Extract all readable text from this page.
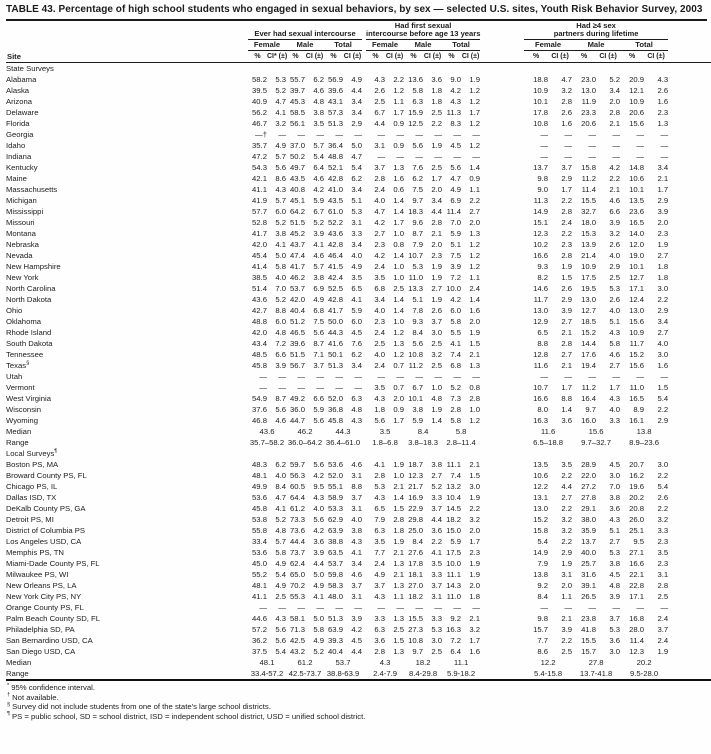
TABLE 43. Percentage of high school students who engaged in sexual behaviors, by sex — selected U.S. sites, Youth Risk Behavior Survey, 2003
	Ever had sexual intercourse							Had first sexual
intercourse before age 13 years							Had ≥4 sex
partners during lifetime						
	Female		Male		Total			Female		Male		Total			Female		Male		Total		
Site	%	CI* (±)	%	CI (±)	%	CI (±)		%	CI (±)	%	CI (±)	%	CI (±)		%	CI (±)	%	CI (±)	%	CI (±)	
State Surveys																					
Alabama	58.2	5.3	55.7	6.2	56.9	4.9		4.3	2.2	13.6	3.6	9.0	1.9		18.8	4.7	23.0	5.2	20.9	4.3	
Alaska	39.5	5.2	39.7	4.6	39.6	4.4		2.6	1.2	5.8	1.8	4.2	1.2		10.9	3.2	13.0	3.4	12.1	2.6	
Arizona	40.9	4.7	45.3	4.8	43.1	3.4		2.5	1.1	6.3	1.8	4.3	1.2		10.1	2.8	11.9	2.0	10.9	1.6	
Delaware	56.2	4.1	58.5	3.8	57.3	3.4		6.7	1.7	15.9	2.5	11.3	1.7		17.8	2.6	23.3	2.8	20.6	2.3	
Florida	46.7	3.2	56.1	3.5	51.3	2.9		4.4	0.9	12.5	2.2	8.3	1.2		10.8	1.6	20.6	2.1	15.6	1.3	
Georgia	—†	—	—	—	—	—		—	—	—	—	—	—		—	—	—	—	—	—	
Idaho	35.7	4.9	37.0	5.7	36.4	5.0		3.1	0.9	5.6	1.9	4.5	1.2		—	—	—	—	—	—	
Indiana	47.2	5.7	50.2	5.4	48.8	4.7		—	—	—	—	—	—		—	—	—	—	—	—	
Kentucky	54.3	5.6	49.7	6.4	52.1	5.4		3.7	1.3	7.6	2.5	5.6	1.4		13.7	3.7	15.8	4.2	14.8	3.4	
Maine	42.1	8.6	43.5	4.6	42.8	6.2		2.8	1.6	6.2	1.7	4.7	0.9		9.8	2.9	11.2	2.2	10.6	2.1	
Massachusetts	41.1	4.3	40.8	4.2	41.0	3.4		2.4	0.6	7.5	2.0	4.9	1.1		9.0	1.7	11.4	2.1	10.1	1.7	
Michigan	41.9	5.7	45.1	5.9	43.5	5.1		4.0	1.4	9.7	3.4	6.9	2.2		11.3	2.2	15.5	4.6	13.5	2.9	
Mississippi	57.7	6.0	64.2	6.7	61.0	5.3		4.7	1.4	18.3	4.4	11.4	2.7		14.9	2.8	32.7	6.6	23.6	3.9	
Missouri	52.8	5.2	51.5	5.2	52.2	3.1		4.2	1.7	9.6	2.8	7.0	2.0		15.1	2.4	18.0	3.9	16.5	2.0	
Montana	41.7	3.8	45.2	3.9	43.6	3.3		2.7	1.0	8.7	2.1	5.9	1.3		12.3	2.2	15.3	3.2	14.0	2.3	
Nebraska	42.0	4.1	43.7	4.1	42.8	3.4		2.3	0.8	7.9	2.0	5.1	1.2		10.2	2.3	13.9	2.6	12.0	1.9	
Nevada	45.4	5.0	47.4	4.6	46.4	4.0		4.2	1.4	10.7	2.3	7.5	1.2		16.6	2.8	21.4	4.0	19.0	2.7	
New Hampshire	41.4	5.8	41.7	5.7	41.5	4.9		2.4	1.0	5.3	1.9	3.9	1.2		9.3	1.9	10.9	2.9	10.1	1.8	
New York	38.5	4.0	46.2	3.8	42.4	3.5		3.5	1.0	11.0	1.9	7.2	1.1		8.2	1.5	17.5	2.5	12.7	1.8	
North Carolina	51.4	7.0	53.7	6.9	52.5	6.5		6.8	2.5	13.3	2.7	10.0	2.4		14.6	2.6	19.5	5.3	17.1	3.0	
North Dakota	43.6	5.2	42.0	4.9	42.8	4.1		3.4	1.4	5.1	1.9	4.2	1.4		11.7	2.9	13.0	2.6	12.4	2.2	
Ohio	42.7	8.8	40.4	6.8	41.7	5.9		4.0	1.4	7.8	2.6	6.0	1.6		13.0	3.9	12.7	4.0	13.0	2.9	
Oklahoma	48.8	6.0	51.2	7.5	50.0	6.0		2.3	1.0	9.3	3.7	5.8	2.0		12.9	2.7	18.5	5.1	15.6	3.4	
Rhode Island	42.0	4.8	46.5	5.6	44.3	4.5		2.4	1.2	8.4	3.0	5.5	1.9		6.5	2.1	15.2	4.3	10.9	2.7	
South Dakota	43.4	7.2	39.6	8.7	41.6	7.6		2.5	1.3	5.6	2.5	4.1	1.5		8.8	2.8	14.4	5.8	11.7	4.0	
Tennessee	48.5	6.6	51.5	7.1	50.1	6.2		4.0	1.2	10.8	3.2	7.4	2.1		12.8	2.7	17.6	4.6	15.2	3.0	
Texas§	45.8	3.9	56.7	3.7	51.3	3.4		2.4	0.7	11.2	2.5	6.8	1.3		11.6	2.1	19.4	2.7	15.6	1.6	
Utah	—	—	—	—	—	—		—	—	—	—	—	—		—	—	—	—	—	—	
Vermont	—	—	—	—	—	—		3.5	0.7	6.7	1.0	5.2	0.8		10.7	1.7	11.2	1.7	11.0	1.5	
West Virginia	54.9	8.7	49.2	6.6	52.0	6.3		4.3	2.0	10.1	4.8	7.3	2.8		16.6	8.8	16.4	4.3	16.5	5.4	
Wisconsin	37.6	5.6	36.0	5.9	36.8	4.8		1.8	0.9	3.8	1.9	2.8	1.0		8.0	1.4	9.7	4.0	8.9	2.2	
Wyoming	46.8	4.6	44.7	5.6	45.8	4.3		5.6	1.7	5.9	1.4	5.8	1.2		16.3	3.6	16.0	3.3	16.1	2.9	
Median	43.6		46.2		44.3			3.5		8.4		5.8			11.6		15.6		13.8		
Range	35.7–58.2		36.0–64.2		36.4–61.0			1.8–6.8		3.8–18.3		2.8–11.4			6.5–18.8		9.7–32.7		8.9–23.6		
Local Surveys¶
Boston PS, MA	48.3	6.2	59.7	5.6	53.6	4.6		4.1	1.9	18.7	3.8	11.1	2.1		13.5	3.5	28.9	4.5	20.7	3.0	
Broward County PS, FL	48.1	4.0	56.3	4.2	52.0	3.1		2.8	1.0	12.3	2.7	7.4	1.5		10.6	2.2	22.0	3.0	16.2	2.2	
Chicago PS, IL	49.9	8.4	60.5	9.5	55.1	8.8		5.3	2.1	21.7	5.2	13.2	3.0		12.2	4.4	27.2	7.0	19.6	5.4	
Dallas ISD, TX	53.6	4.7	64.4	4.3	58.9	3.7		4.3	1.4	16.9	3.3	10.4	1.9		13.1	2.7	27.8	3.8	20.2	2.6	
DeKalb County PS, GA	45.8	4.1	61.2	4.0	53.3	3.1		6.5	1.5	22.9	3.7	14.5	2.2		13.0	2.2	29.1	3.6	20.8	2.2	
Detroit PS, MI	53.8	5.2	73.3	5.6	62.9	4.0		7.9	2.8	29.8	4.4	18.2	3.2		15.2	3.2	38.0	4.3	26.0	3.2	
District of Columbia PS	55.8	4.8	73.6	4.2	63.9	3.8		6.3	1.8	25.0	3.6	15.0	2.0		15.8	3.2	35.9	5.1	25.1	3.3	
Los Angeles USD, CA	33.4	5.7	44.4	3.6	38.8	4.3		3.5	1.9	8.4	2.2	5.9	1.7		5.4	2.2	13.7	2.7	9.5	2.3	
Memphis PS, TN	53.6	5.8	73.7	3.9	63.5	4.1		7.7	2.1	27.6	4.1	17.5	2.3		14.9	2.9	40.0	5.3	27.1	3.5	
Miami-Dade County PS, FL	45.0	4.9	62.4	4.4	53.7	3.4		2.4	1.3	17.8	3.5	10.0	1.9		7.9	1.9	25.7	3.8	16.6	2.3	
Milwaukee PS, WI	55.2	5.4	65.0	5.0	59.8	4.6		4.9	2.1	18.1	3.3	11.1	1.9		13.8	3.1	31.6	4.5	22.1	3.1	
New Orleans PS, LA	48.1	4.9	70.2	4.9	58.3	3.7		3.7	1.3	27.0	3.7	14.3	2.0		9.2	2.0	39.1	4.8	22.8	2.8	
New York City PS, NY	41.1	2.5	55.3	4.1	48.0	3.1		4.3	1.1	18.2	3.1	11.0	1.8		8.4	1.1	26.5	3.9	17.1	2.5	
Orange County PS, FL	—	—	—	—	—	—		—	—	—	—	—	—		—	—	—	—	—	—	
Palm Beach County SD, FL	44.6	4.3	58.1	5.0	51.3	3.9		3.3	1.3	15.5	3.3	9.2	2.1		9.8	2.1	23.8	3.7	16.8	2.4	
Philadelphia SD, PA	57.2	5.6	71.3	5.8	63.9	4.2		6.3	2.5	27.3	5.3	16.3	3.2		15.7	3.9	41.8	5.3	28.0	3.7	
San Bernardino USD, CA	36.2	5.6	42.5	4.9	39.3	4.5		3.6	1.5	10.8	3.0	7.2	1.7		7.7	2.2	15.5	3.6	11.4	2.4	
San Diego USD, CA	37.5	5.4	43.2	5.2	40.4	4.4		2.8	1.3	9.7	2.5	6.4	1.6		8.6	2.5	15.7	3.0	12.3	1.9	
Median	48.1		61.2		53.7			4.3		18.2		11.1			12.2		27.8		20.2		
Range	33.4-57.2		42.5-73.7		38.8-63.9			2.4-7.9		8.4-29.8		5.9-18.2			5.4-15.8		13.7-41.8		9.5-28.0		
* 95% confidence interval.
† Not available.
§ Survey did not include students from one of the state's large school districts.
¶ PS = public school, SD = school district, ISD = independent school district, USD = unified school district.
